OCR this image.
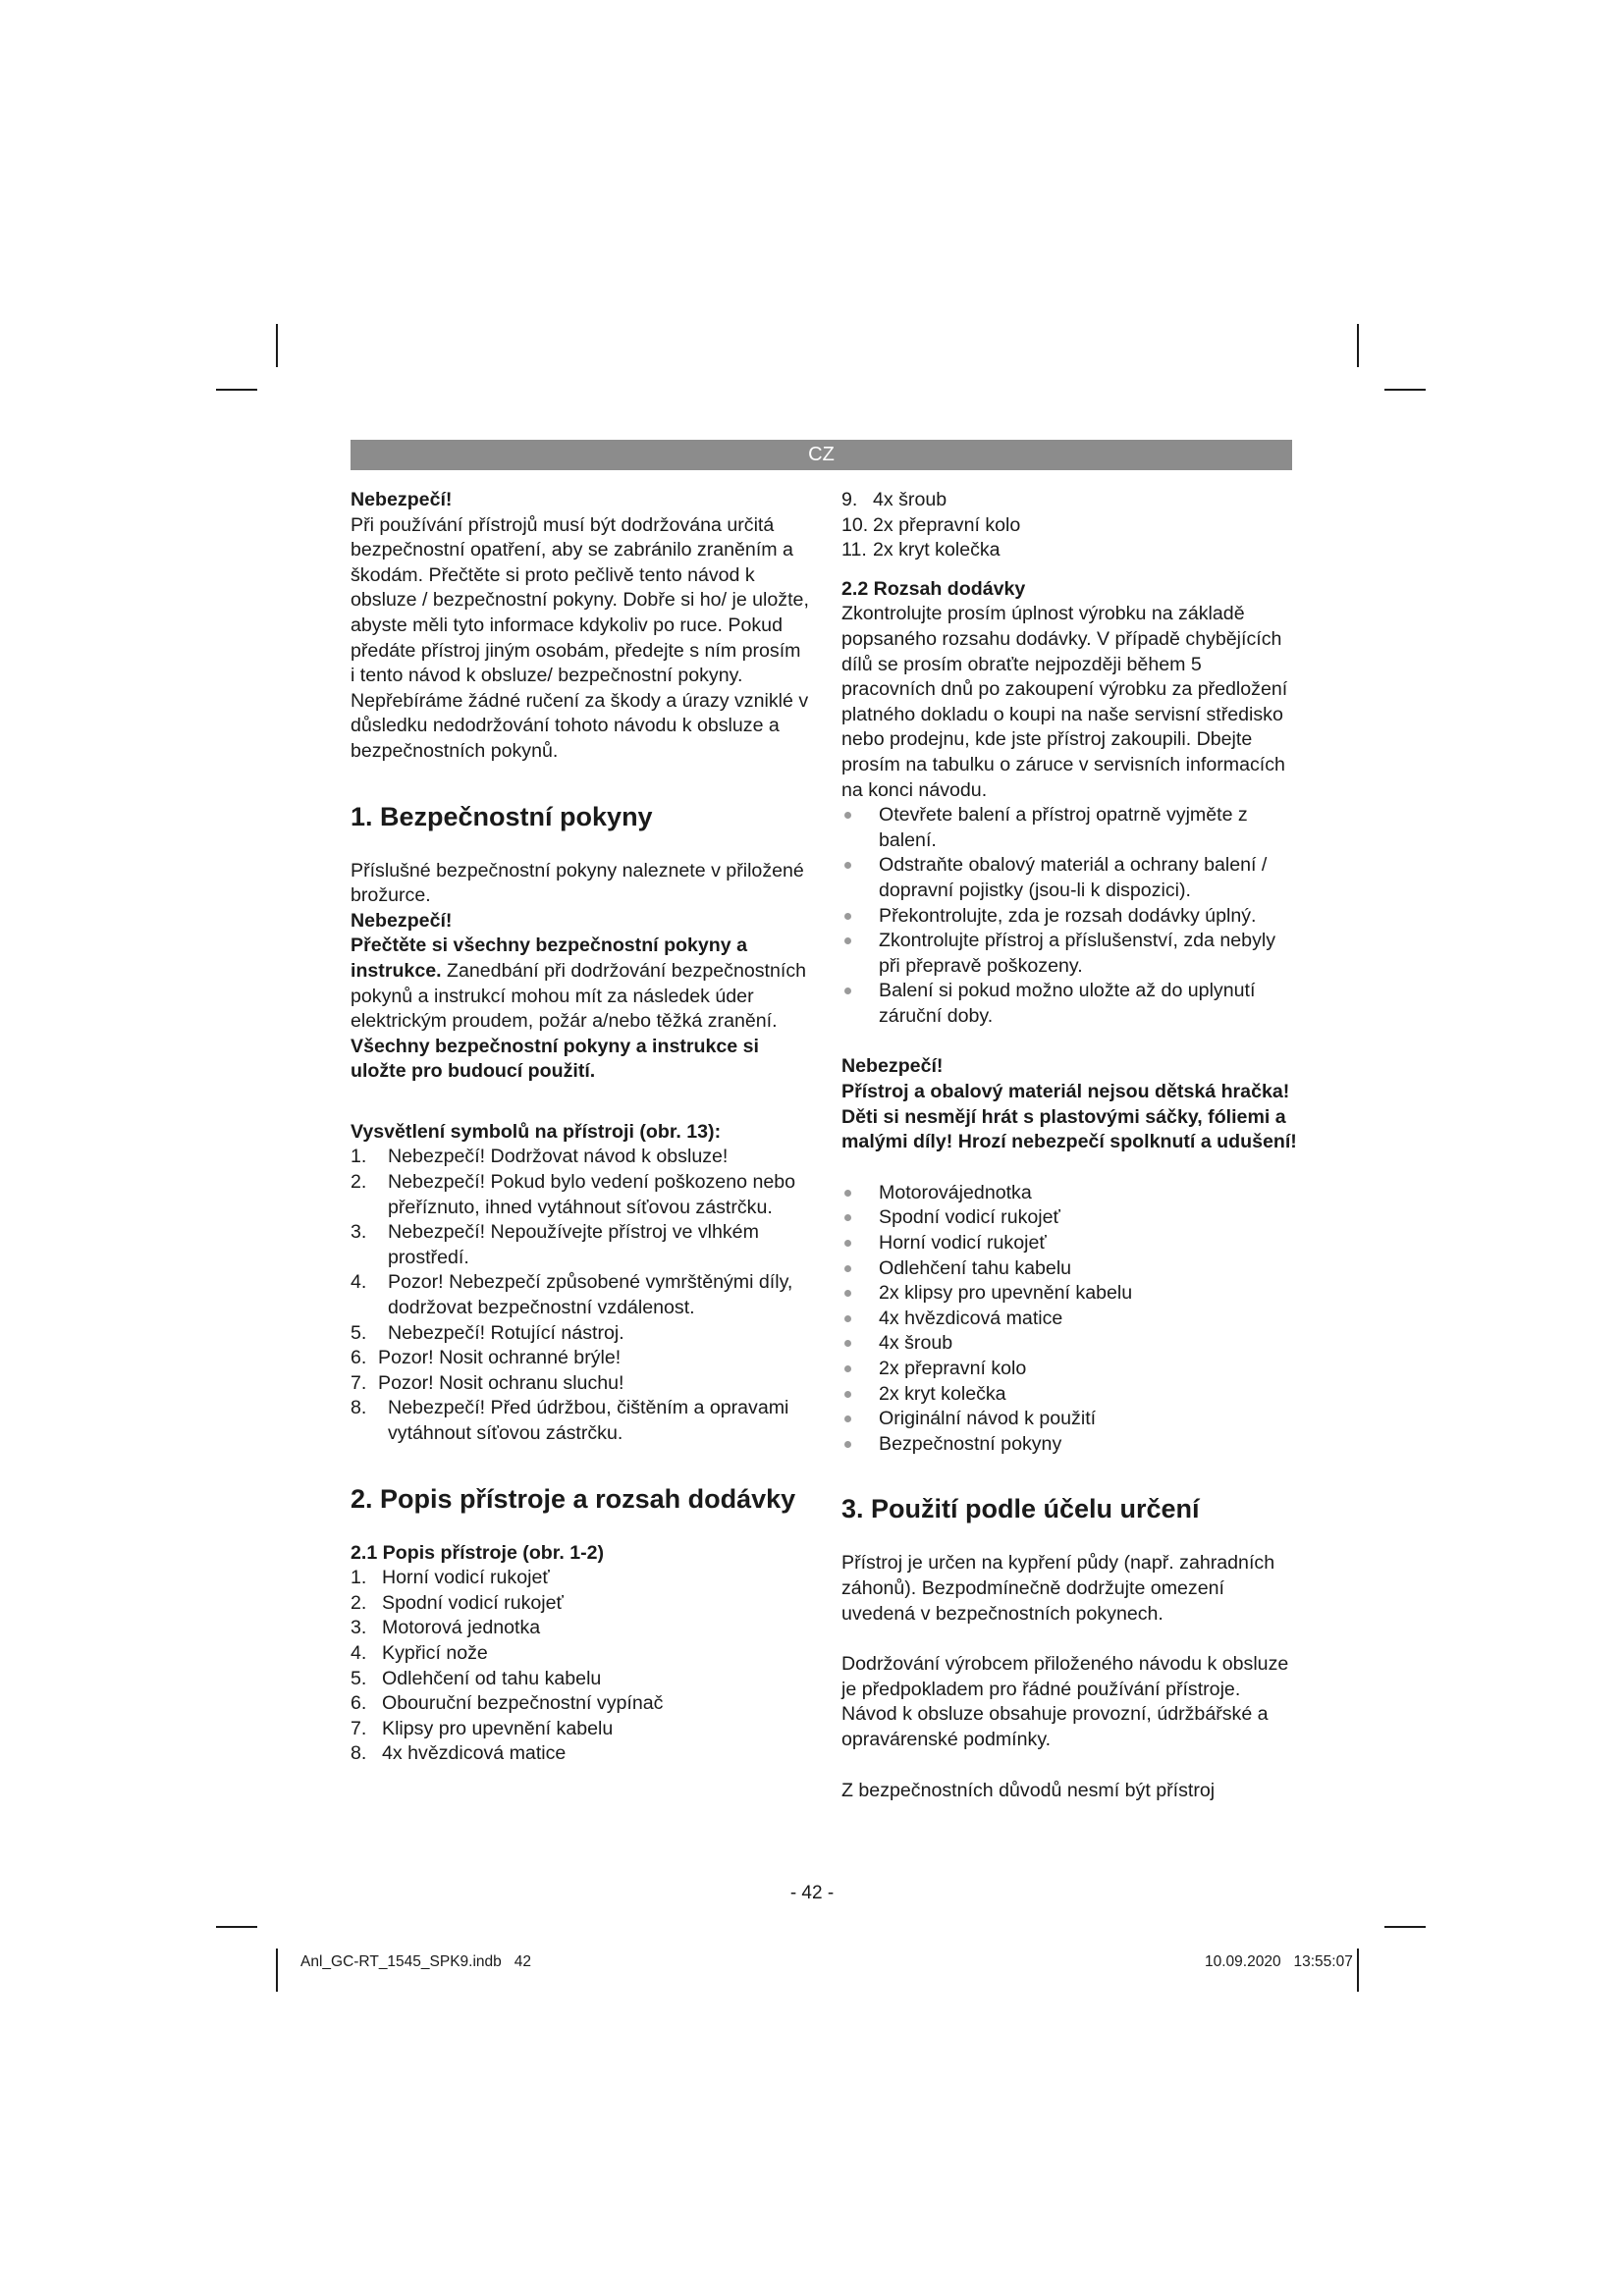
CZ

Nebezpečí!

Při používání přístrojů musí být dodržována určitá bezpečnostní opatření, aby se zabránilo zraněním a škodám. Přečtěte si proto pečlivě tento návod k obsluze / bezpečnostní pokyny. Dobře si ho/ je uložte, abyste měli tyto informace kdykoliv po ruce. Pokud předáte přístroj jiným osobám, předejte s ním prosím i tento návod k obsluze/ bezpečnostní pokyny. Nepřebíráme žádné ručení za škody a úrazy vzniklé v důsledku nedodržování tohoto návodu k obsluze a bezpečnostních pokynů.

1. Bezpečnostní pokyny

Příslušné bezpečnostní pokyny naleznete v přiložené brožurce.

Nebezpečí!

Přečtěte si všechny bezpečnostní pokyny a instrukce. Zanedbání při dodržování bezpečnostních pokynů a instrukcí mohou mít za následek úder elektrickým proudem, požár a/nebo těžká zranění. Všechny bezpečnostní pokyny a instrukce si uložte pro budoucí použití.

Vysvětlení symbolů na přístroji (obr. 13):
1. Nebezpečí! Dodržovat návod k obsluze!
2. Nebezpečí! Pokud bylo vedení poškozeno nebo přeříznuto, ihned vytáhnout síťovou zástrčku.
3. Nebezpečí! Nepoužívejte přístroj ve vlhkém prostředí.
4. Pozor! Nebezpečí způsobené vymrštěnými díly, dodržovat bezpečnostní vzdálenost.
5. Nebezpečí! Rotující nástroj.
6. Pozor! Nosit ochranné brýle!
7. Pozor! Nosit ochranu sluchu!
8. Nebezpečí! Před údržbou, čištěním a opravami vytáhnout síťovou zástrčku.
2. Popis přístroje a rozsah dodávky
2.1 Popis přístroje (obr. 1-2)
1. Horní vodicí rukojeť
2. Spodní vodicí rukojeť
3. Motorová jednotka
4. Kypřicí nože
5. Odlehčení od tahu kabelu
6. Obouruční bezpečnostní vypínač
7. Klipsy pro upevnění kabelu
8. 4x hvězdicová matice
9. 4x šroub
10. 2x přepravní kolo
11. 2x kryt kolečka
2.2 Rozsah dodávky

Zkontrolujte prosím úplnost výrobku na základě popsaného rozsahu dodávky. V případě chybějících dílů se prosím obraťte nejpozději během 5 pracovních dnů po zakoupení výrobku za předložení platného dokladu o koupi na naše servisní středisko nebo prodejnu, kde jste přístroj zakoupili. Dbejte prosím na tabulku o záruce v servisních informacích na konci návodu.

Otevřete balení a přístroj opatrně vyjměte z balení.
Odstraňte obalový materiál a ochrany balení / dopravní pojistky (jsou-li k dispozici).
Překontrolujte, zda je rozsah dodávky úplný.
Zkontrolujte přístroj a příslušenství, zda nebyly při přepravě poškozeny.
Balení si pokud možno uložte až do uplynutí záruční doby.

Nebezpečí!

Přístroj a obalový materiál nejsou dětská hračka! Děti si nesmějí hrát s plastovými sáčky, fóliemi a malými díly! Hrozí nebezpečí spolknutí a udušení!

Motorovájednotka
Spodní vodicí rukojeť
Horní vodicí rukojeť
Odlehčení tahu kabelu
2x klipsy pro upevnění kabelu
4x hvězdicová matice
4x šroub
2x přepravní kolo
2x kryt kolečka
Originální návod k použití
Bezpečnostní pokyny
3. Použití podle účelu určení

Přístroj je určen na kypření půdy (např. zahradních záhonů). Bezpodmínečně dodržujte omezení uvedená v bezpečnostních pokynech.

Dodržování výrobcem přiloženého návodu k obsluze je předpokladem pro řádné používání přístroje. Návod k obsluze obsahuje provozní, údržbářské a opravárenské podmínky.

Z bezpečnostních důvodů nesmí být přístroj

- 42 -
Anl_GC-RT_1545_SPK9.indb   42	10.09.2020   13:55:07
